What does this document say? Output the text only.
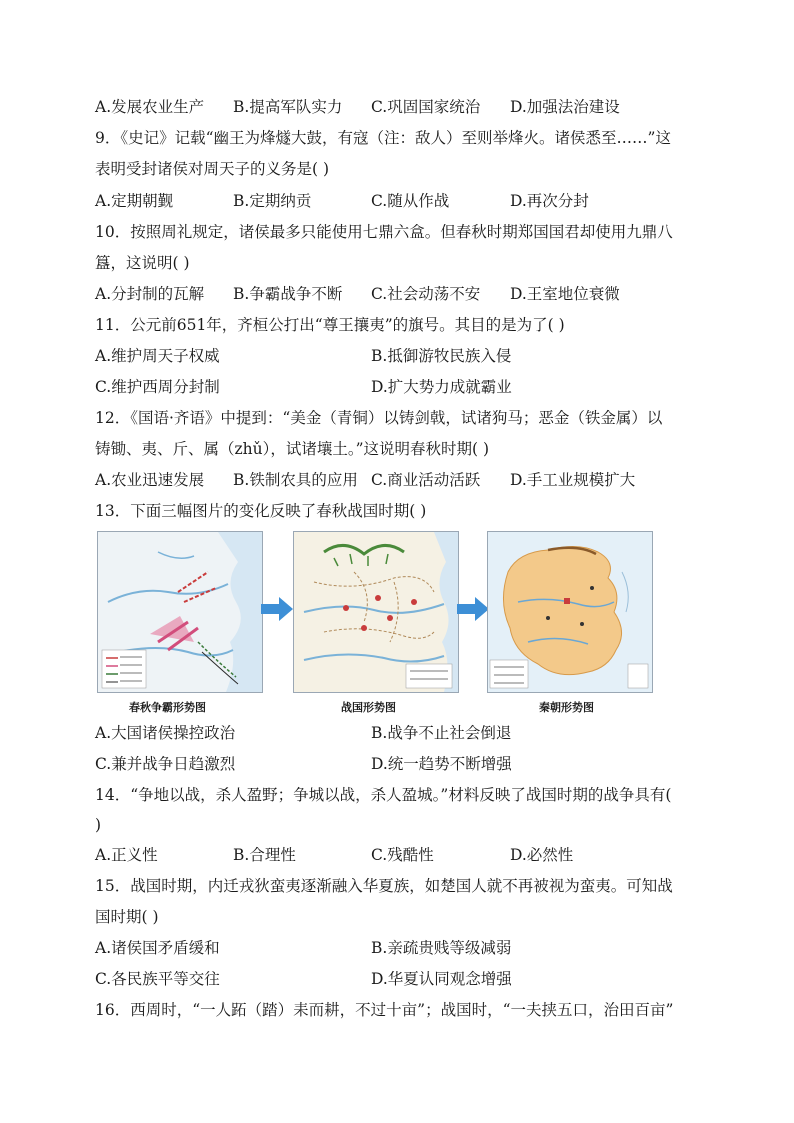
A.发展农业生产 B.提高军队实力 C.巩固国家统治 D.加强法治建设
9．《史记》记载“幽王为烽燧大鼓，有寇（注：敌人）至则举烽火。诸侯悉至……”这
表明受封诸侯对周天子的义务是( )
A.定期朝觐	B.定期纳贡	C.随从作战	D.再次分封
10．按照周礼规定，诸侯最多只能使用七鼎六盒。但春秋时期郑国国君却使用九鼎八
簋，这说明( )
A.分封制的瓦解 B.争霸战争不断 C.社会动荡不安 D.王室地位衰微
11．公元前651年，齐桓公打出“尊王攘夷”的旗号。其目的是为了( )
A.维护周天子权威	B.抵御游牧民族入侵
C.维护西周分封制	D.扩大势力成就霸业
12．《国语·齐语》中提到：“美金（青铜）以铸剑戟，试诸狗马；恶金（铁金属）以
铸锄、夷、斤、属（zhǔ），试诸壤土。”这说明春秋时期( )
A.农业迅速发展 B.铁制农具的应用 C.商业活动活跃 D.手工业规模扩大
13．下面三幅图片的变化反映了春秋战国时期( )
春秋争霸形势图	战国形势图	秦朝形势图
A.大国诸侯操控政治	B.战争不止社会倒退
C.兼并战争日趋激烈	D.统一趋势不断增强
14．“争地以战，杀人盈野；争城以战，杀人盈城。”材料反映了战国时期的战争具有(
)
A.正义性	B.合理性	C.残酷性	D.必然性
15．战国时期，内迁戎狄蛮夷逐渐融入华夏族，如楚国人就不再被视为蛮夷。可知战
国时期( )
A.诸侯国矛盾缓和	B.亲疏贵贱等级减弱
C.各民族平等交往	D.华夏认同观念增强
16．西周时，“一人跖（踏）耒而耕，不过十亩”；战国时，“一夫挟五口，治田百亩”
